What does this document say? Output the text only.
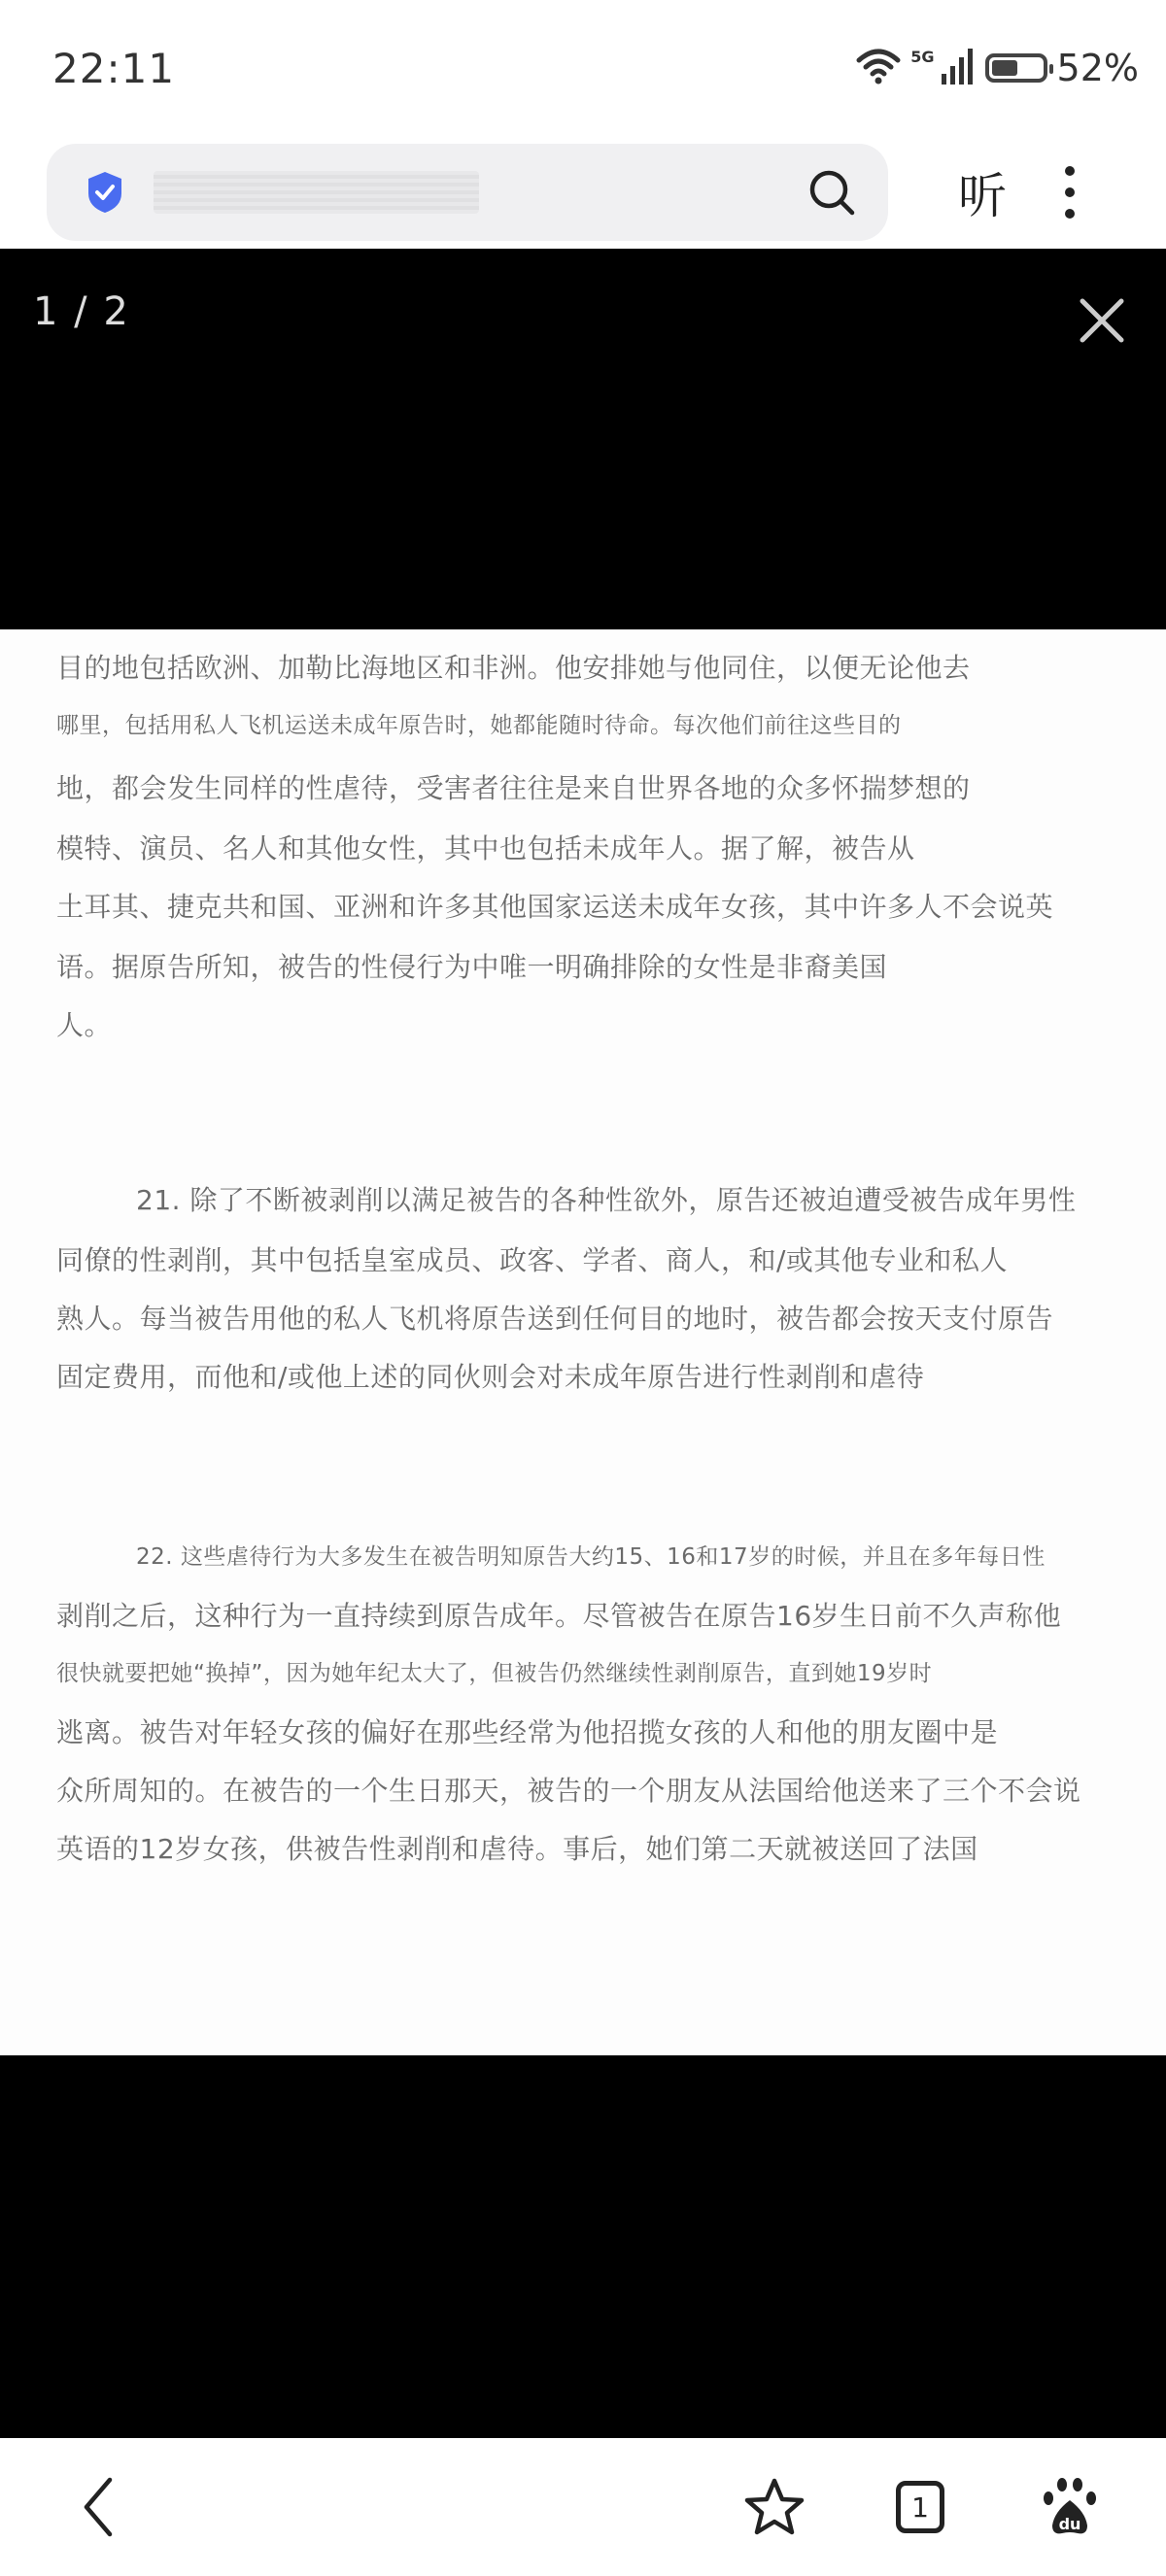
22:11	5G	52%
听
1 / 2
目的地包括欧洲、加勒比海地区和非洲。他安排她与他同住，以便无论他去
哪里，包括用私人飞机运送未成年原告时，她都能随时待命。每次他们前往这些目的
地，都会发生同样的性虐待，受害者往往是来自世界各地的众多怀揣梦想的
模特、演员、名人和其他女性，其中也包括未成年人。据了解，被告从
土耳其、捷克共和国、亚洲和许多其他国家运送未成年女孩，其中许多人不会说英
语。据原告所知，被告的性侵行为中唯一明确排除的女性是非裔美国
人。
21. 除了不断被剥削以满足被告的各种性欲外，原告还被迫遭受被告成年男性
同僚的性剥削，其中包括皇室成员、政客、学者、商人，和/或其他专业和私人
熟人。每当被告用他的私人飞机将原告送到任何目的地时，被告都会按天支付原告
固定费用，而他和/或他上述的同伙则会对未成年原告进行性剥削和虐待
22. 这些虐待行为大多发生在被告明知原告大约15、16和17岁的时候，并且在多年每日性
剥削之后，这种行为一直持续到原告成年。尽管被告在原告16岁生日前不久声称他
很快就要把她“换掉”，因为她年纪太大了，但被告仍然继续性剥削原告，直到她19岁时
逃离。被告对年轻女孩的偏好在那些经常为他招揽女孩的人和他的朋友圈中是
众所周知的。在被告的一个生日那天，被告的一个朋友从法国给他送来了三个不会说
英语的12岁女孩，供被告性剥削和虐待。事后，她们第二天就被送回了法国
1
du
